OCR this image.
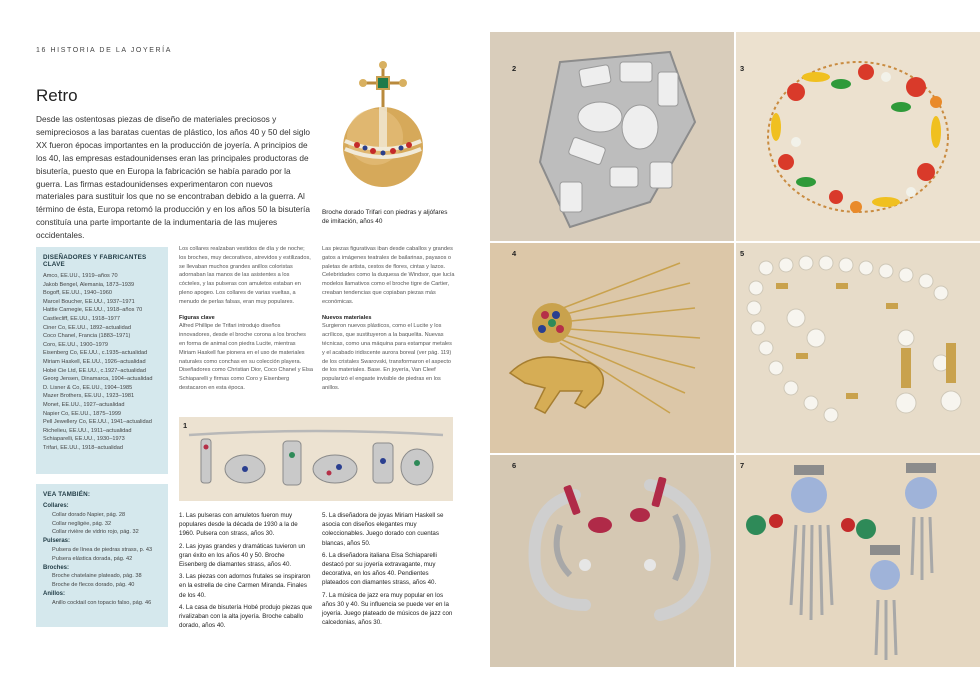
16 HISTORIA DE LA JOYERÍA
Retro

Desde las ostentosas piezas de diseño de materiales preciosos y semipreciosos a las baratas cuentas de plástico, los años 40 y 50 del siglo XX fueron épocas importantes en la producción de joyería. A principios de los 40, las empresas estadounidenses eran las principales productoras de bisutería, puesto que en Europa la fabricación se había parado por la guerra. Las firmas estadounidenses experimentaron con nuevos materiales para sustituir los que no se encontraban debido a la guerra. Al término de ésta, Europa retomó la producción y en los años 50 la bisutería constituía una parte importante de la indumentaria de las mujeres occidentales.

Broche dorado Trifari con piedras y aljófares de imitación, años 40

DISEÑADORES Y FABRICANTES CLAVE
Amco, EE.UU., 1919–años 70
Jakob Bengel, Alemania, 1873–1939
Bogoff, EE.UU., 1940–1960
Marcel Boucher, EE.UU., 1937–1971
Hattie Carnegie, EE.UU., 1918–años 70
Castlecliff, EE.UU., 1918–1977
Ciner Co, EE.UU., 1892–actualidad
Coco Chanel, Francia (1883–1971)
Coro, EE.UU., 1900–1979
Eisenberg Co, EE.UU., c.1935–actualidad
Miriam Haskell, EE.UU., 1926–actualidad
Hobé Cie Ltd, EE.UU., c.1927–actualidad
Georg Jensen, Dinamarca, 1904–actualidad
D. Lisner & Co, EE.UU., 1904–1985
Mazer Brothers, EE.UU., 1923–1981
Monet, EE.UU., 1927–actualidad
Napier Co, EE.UU., 1875–1999
Pell Jewellery Co, EE.UU., 1941–actualidad
Richelieu, EE.UU., 1911–actualidad
Schiaparelli, EE.UU., 1930–1973
Trifari, EE.UU., 1918–actualidad
VEA TAMBIÉN:
Collares:
Collar dorado Napier, pág. 28
Collar negligée, pág. 32
Collar rivière de vidrio rojo, pág. 32
Pulseras:
Pulsera de línea de piedras strass, p. 43
Pulsera elástica dorada, pág. 42
Broches:
Broche chatelaine plateado, pág. 38
Broche de flecos dorado, pág. 40
Anillos:
Anillo cocktail con topacio falso, pág. 46

Los collares realzaban vestidos de día y de noche; los broches, muy decorativos, atrevidos y estilizados, se llevaban muchos grandes anillos coloristas adornaban las manos de las asistentes a los cócteles, y las pulseras con amuletos estaban en pleno apogeo. Los collares de varias vueltas, a menudo de perlas falsas, eran muy populares.

Figuras clave

Alfred Phillipe de Trifari introdujo diseños innovadores, desde el broche corona a los broches en forma de animal con piedra Lucite, mientras Miriam Haskell fue pionera en el uso de materiales naturales como conchas en su colección playera. Diseñadores como Christian Dior, Coco Chanel y Elsa Schiaparelli y firmas como Coro y Eisenberg destacaron en esta época.

Las piezas figurativas iban desde caballos y grandes gatos a imágenes teatrales de bailarinas, payasos o paletas de artista, cestos de flores, cintas y lazos. Celebridades como la duquesa de Windsor, que lucía modelos llamativos como el broche tigre de Cartier, creaban tendencias que copiaban piezas más económicas.

Nuevos materiales

Surgieron nuevos plásticos, como el Lucite y los acrílicos, que sustituyeron a la baquelita. Nuevas técnicas, como una máquina para estampar metales y el acabado iridiscente aurora boreal (ver pág. 119) de los cristales Swarovski, transformaron el aspecto de los materiales. Base. En joyería, Van Cleef popularizó el engaste invisible de piedras en los anillos.

1

1. Las pulseras con amuletos fueron muy populares desde la década de 1930 a la de 1960. Pulsera con strass, años 30.

2. Las joyas grandes y dramáticas tuvieron un gran éxito en los años 40 y 50. Broche Eisenberg de diamantes strass, años 40.

3. Las piezas con adornos frutales se inspiraron en la estrella de cine Carmen Miranda. Finales de los 40.

4. La casa de bisutería Hobé produjo piezas que rivalizaban con la alta joyería. Broche caballo dorado, años 40.

5. La diseñadora de joyas Miriam Haskell se asocia con diseños elegantes muy coleccionables. Juego dorado con cuentas blancas, años 50.

6. La diseñadora italiana Elsa Schiaparelli destacó por su joyería extravagante, muy decorativa, en los años 40. Pendientes plateados con diamantes strass, años 40.

7. La música de jazz era muy popular en los años 30 y 40. Su influencia se puede ver en la joyería. Juego plateado de músicos de jazz con calcedonias, años 30.

2	3
4	5
6	7
